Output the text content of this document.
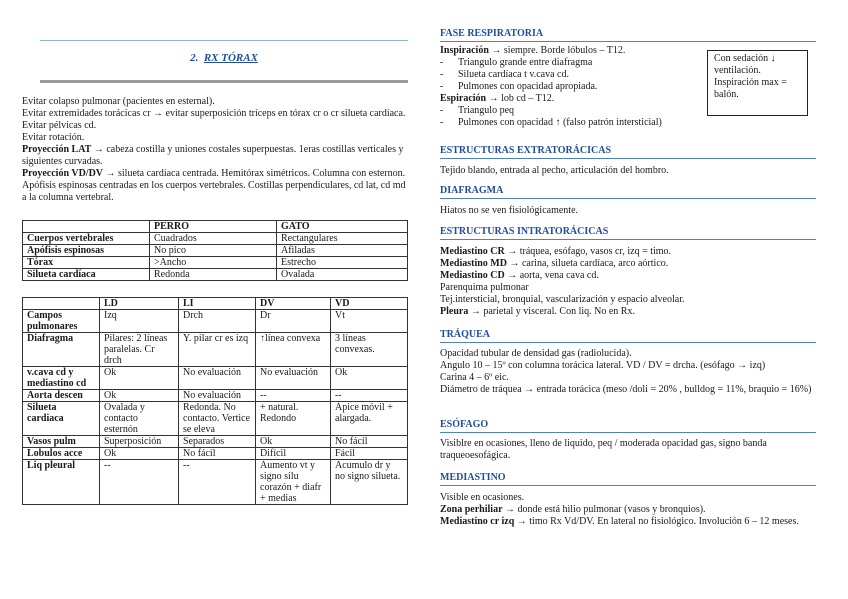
2. RX TÓRAX

Evitar colapso pulmonar (pacientes en esternal).

Evitar extremidades torácicas cr → evitar superposición tríceps en tórax cr o cr silueta cardíaca.

Evitar pélvicas cd.

Evitar rotación.

Proyección LAT → cabeza costilla y uniones costales superpuestas. 1eras costillas verticales y siguientes curvadas.

Proyección VD/DV → silueta cardíaca centrada. Hemitórax simétricos. Columna con esternon. Apófisis espinosas centradas en los cuerpos vertebrales. Costillas perpendiculares, cd lat, cd md a la columna vertebral.

	PERRO	GATO
Cuerpos vertebrales	Cuadrados	Rectangulares
Apófisis espinosas	No pico	Afiladas
Tórax	>Ancho	Estrecho
Silueta cardíaca	Redonda	Ovalada
	LD	LI	DV	VD
Campos pulmonares	Izq	Drch	Dr	Vt
Diafragma	Pilares: 2 líneas paralelas. Cr drch	Y. pilar cr es izq	↑línea convexa	3 líneas convexas.
v.cava cd y mediastino cd	Ok	No evaluación	No evaluación	Ok
Aorta descen	Ok	No evaluación	--	--
Silueta cardiaca	Ovalada y contacto esternón	Redonda. No contacto. Vertice se eleva	+ natural. Redondo	Ápice móvil + alargada.
Vasos pulm	Superposición	Separados	Ok	No fácil
Lobulos acce	Ok	No fácil	Difícil	Fácil
Liq pleural	--	--	Aumento vt y signo silu corazón + diafr + medias	Acumulo dr y no signo silueta.

FASE RESPIRATORIA

Inspiración → siempre. Borde lóbulos – T12.

- Triangulo grande entre diafragma

- Silueta cardíaca t v.cava cd.

- Pulmones con opacidad apropiada.

Espiración → lob cd – T12.

- Triangulo peq

- Pulmones con opacidad ↑ (falso patrón intersticial)

Con sedación ↓
ventilación.
Inspiración max =
balón.

ESTRUCTURAS EXTRATORÁCICAS

Tejido blando, entrada al pecho, articulación del hombro.

DIAFRAGMA

Hiatos no se ven fisiológicamente.

ESTRUCTURAS INTRATORÁCICAS

Mediastino CR → tráquea, esófago, vasos cr, izq = timo.

Mediastino MD → carina, silueta cardíaca, arco aórtico.

Mediastino CD → aorta, vena cava cd.

Parenquima pulmonar

Tej.intersticial, bronquial, vascularización y espacio alveolar.

Pleura → parietal y visceral. Con liq. No en Rx.

TRÁQUEA

Opacidad tubular de densidad gas (radiolucida).

Angulo 10 – 15º con columna torácica lateral. VD / DV = drcha. (esófago → izq)

Carina 4 – 6º eic.

Diámetro de tráquea → entrada torácica (meso /doli = 20% , bulldog = 11%, braquio = 16%)

ESÓFAGO

Visiblre en ocasiones, lleno de liquido, peq / moderada opacidad gas, signo banda traqueoesofágica.

MEDIASTINO

Visible en ocasiones.

Zona perhiliar → donde está hilio pulmonar (vasos y bronquios).

Mediastino cr izq → timo Rx Vd/DV. En lateral no fisiológico. Involución 6 – 12 meses.
